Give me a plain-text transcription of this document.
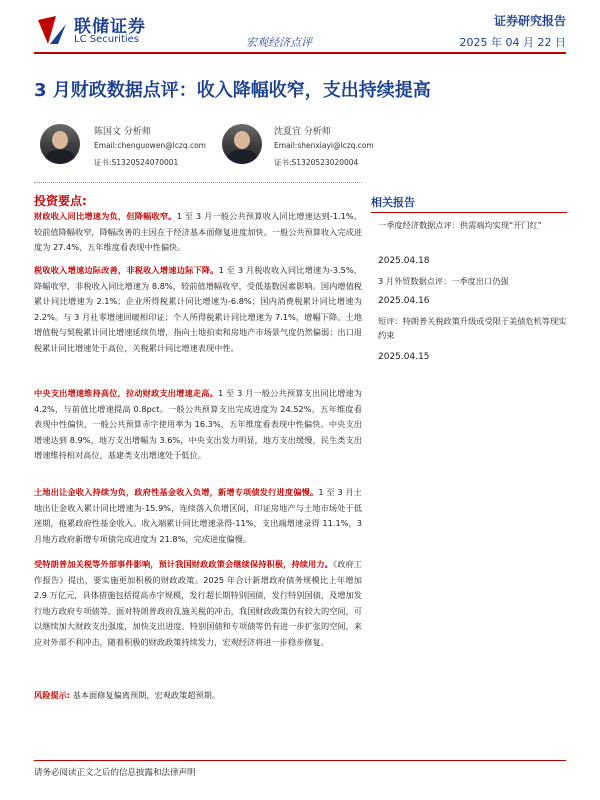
联储证券
LC Securities	宏观经济点评
证券研究报告
2025 年 04 月 22 日
3 月财政数据点评：收入降幅收窄，支出持续提高
陈国文 分析师
Email:chenguowen@lczq.com
证书:S1320524070001
沈夏宜 分析师
Email:shenxiayi@lczq.com
证书:S1320523020004
投资要点:
财政收入同比增速为负，但降幅收窄。1 至 3 月一般公共预算收入同比增速达到-1.1%，较前值降幅收窄，降幅改善的主因在于经济基本面修复进度加快。一般公共预算收入完成进度为 27.4%，五年维度看表现中性偏快。
税收收入增速边际改善，非税收入增速边际下降。1 至 3 月税收收入同比增速为-3.5%，降幅收窄，非税收入同比增速为 8.8%，较前值增幅收窄，受低基数因素影响。国内增值税累计同比增速为 2.1%；企业所得税累计同比增速为-6.8%；国内消费税累计同比增速为 2.2%。与 3 月社零增速回暖相印证；个人所得税累计同比增速为 7.1%，增幅下降。土地增值税与契税累计同比增速延续负增，指向土地拍卖和房地产市场景气度仍然偏弱；出口退税累计同比增速处于高位，关税累计同比增速表现中性。
中央支出增速维持高位，拉动财政支出增速走高。1 至 3 月一般公共预算支出同比增速为 4.2%，与前值比增速提高 0.8pct。一般公共预算支出完成进度为 24.52%，五年维度看表现中性偏快，一般公共预算赤字使用率为 16.3%，五年维度看表现中性偏快。中央支出增速达到 8.9%，地方支出增幅为 3.6%，中央支出发力明显，地方支出缓慢，民生类支出增速维持相对高位，基建类支出增速处于低位。
土地出让金收入持续为负，政府性基金收入负增，新增专项债发行进度偏慢。1 至 3 月土地出让金收入累计同比增速为-15.9%，连续落入负增区间，印证房地产与土地市场处于低迷期，拖累政府性基金收入。收入端累计同比增速录得-11%，支出端增速录得 11.1%，3 月地方政府新增专项债完成进度为 21.8%，完成进度偏慢。
受特朗普加关税等外部事件影响，预计我国财政政策会继续保持积极，持续用力。《政府工作报告》提出，要实施更加积极的财政政策。2025 年合计新增政府债务规模比上年增加 2.9 万亿元，具体措施包括提高赤字规模，发行超长期特别国债，发行特别国债，及增加发行地方政府专项债等。面对特朗普政府乱施关税的冲击，我国财政政策仍有较大的空间，可以继续加大财政支出强度，加快支出进度，特别国债和专项债等仍有进一步扩张的空间，来应对外部不利冲击，随着积极的财政政策持续发力，宏观经济将进一步稳步修复。
风险提示: 基本面修复偏离预期，宏观政策超预期。
相关报告
一季度经济数据点评：供需端均实现“开门红”
2025.04.18
3 月外贸数据点评：一季度出口仍强
2025.04.16
短评：特朗普关税政策升级或受限于美债危机等现实约束
2025.04.15
请务必阅读正文之后的信息披露和法律声明
